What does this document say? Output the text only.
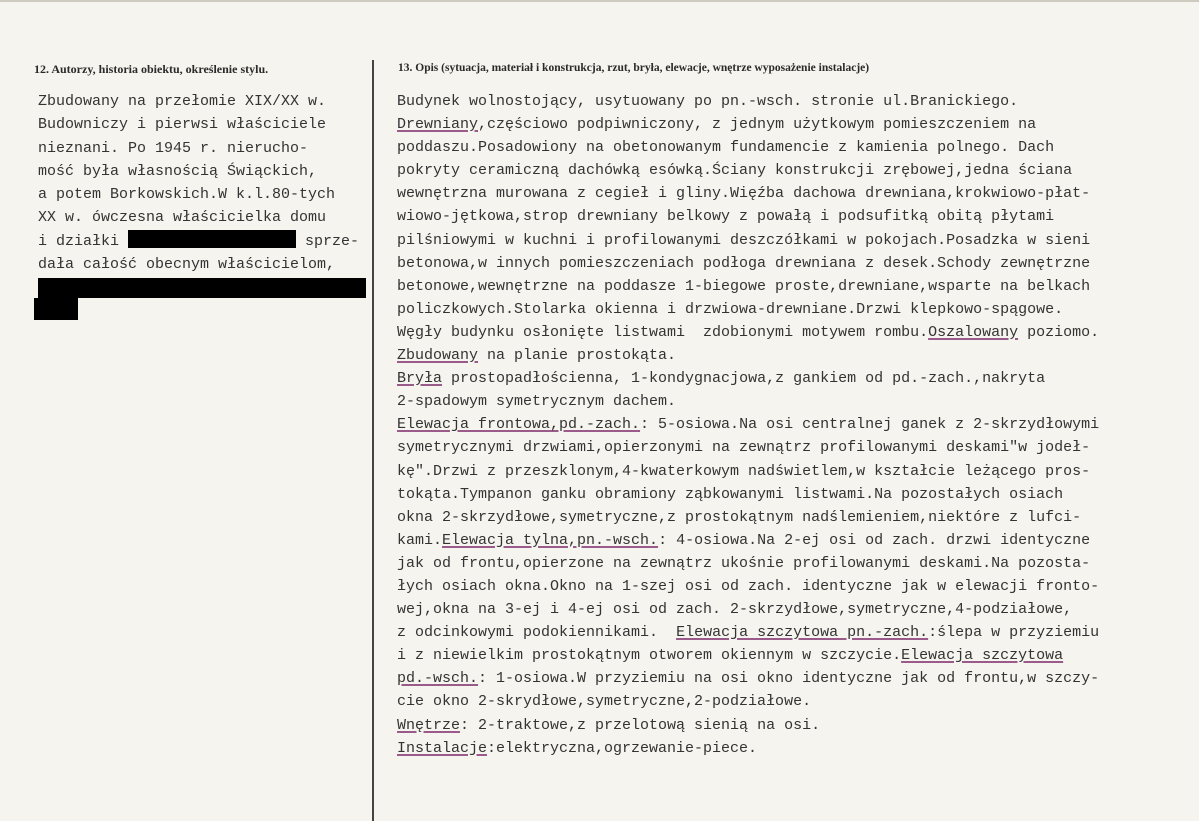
12. Autorzy, historia obiektu, określenie stylu.	13. Opis (sytuacja, materiał i konstrukcja, rzut, bryła, elewacje, wnętrze wyposażenie instalacje)
Zbudowany na przełomie XIX/XX w.
Budowniczy i pierwsi właściciele
nieznani. Po 1945 r. nierucho-
mość była własnością Świąckich,
a potem Borkowskich.W k.l.80-tych
XX w. ówczesna właścicielka domu
i działki	sprze-
dała całość obecnym właścicielom,
Budynek wolnostojący, usytuowany po pn.-wsch. stronie ul.Branickiego.
Drewniany,częściowo podpiwniczony, z jednym użytkowym pomieszczeniem na
poddaszu.Posadowiony na obetonowanym fundamencie z kamienia polnego. Dach
pokryty ceramiczną dachówką esówką.Ściany konstrukcji zrębowej,jedna ściana
wewnętrzna murowana z cegieł i gliny.Więźba dachowa drewniana,krokwiowo-płat-
wiowo-jętkowa,strop drewniany belkowy z powałą i podsufitką obitą płytami
pilśniowymi w kuchni i profilowanymi deszczółkami w pokojach.Posadzka w sieni
betonowa,w innych pomieszczeniach podłoga drewniana z desek.Schody zewnętrzne
betonowe,wewnętrzne na poddasze 1-biegowe proste,drewniane,wsparte na belkach
policzkowych.Stolarka okienna i drzwiowa-drewniane.Drzwi klepkowo-spągowe.
Węgły budynku osłonięte listwami  zdobionymi motywem rombu.Oszalowany poziomo.
Zbudowany na planie prostokąta.
Bryła prostopadłościenna, 1-kondygnacjowa,z gankiem od pd.-zach.,nakryta
2-spadowym symetrycznym dachem.
Elewacja frontowa,pd.-zach.: 5-osiowa.Na osi centralnej ganek z 2-skrzydłowymi
symetrycznymi drzwiami,opierzonymi na zewnątrz profilowanymi deskami"w jodeł-
kę".Drzwi z przeszklonym,4-kwaterkowym nadświetlem,w kształcie leżącego pros-
tokąta.Tympanon ganku obramiony ząbkowanymi listwami.Na pozostałych osiach
okna 2-skrzydłowe,symetryczne,z prostokątnym nadślemieniem,niektóre z lufci-
kami.Elewacja tylna,pn.-wsch.: 4-osiowa.Na 2-ej osi od zach. drzwi identyczne
jak od frontu,opierzone na zewnątrz ukośnie profilowanymi deskami.Na pozosta-
łych osiach okna.Okno na 1-szej osi od zach. identyczne jak w elewacji fronto-
wej,okna na 3-ej i 4-ej osi od zach. 2-skrzydłowe,symetryczne,4-podziałowe,
z odcinkowymi podokiennikami. Elewacja szczytowa pn.-zach.:ślepa w przyziemiu
i z niewielkim prostokątnym otworem okiennym w szczycie.Elewacja szczytowa
pd.-wsch.: 1-osiowa.W przyziemiu na osi okno identyczne jak od frontu,w szczy-
cie okno 2-skrydłowe,symetryczne,2-podziałowe.
Wnętrze: 2-traktowe,z przelotową sienią na osi.
Instalacje:elektryczna,ogrzewanie-piece.
